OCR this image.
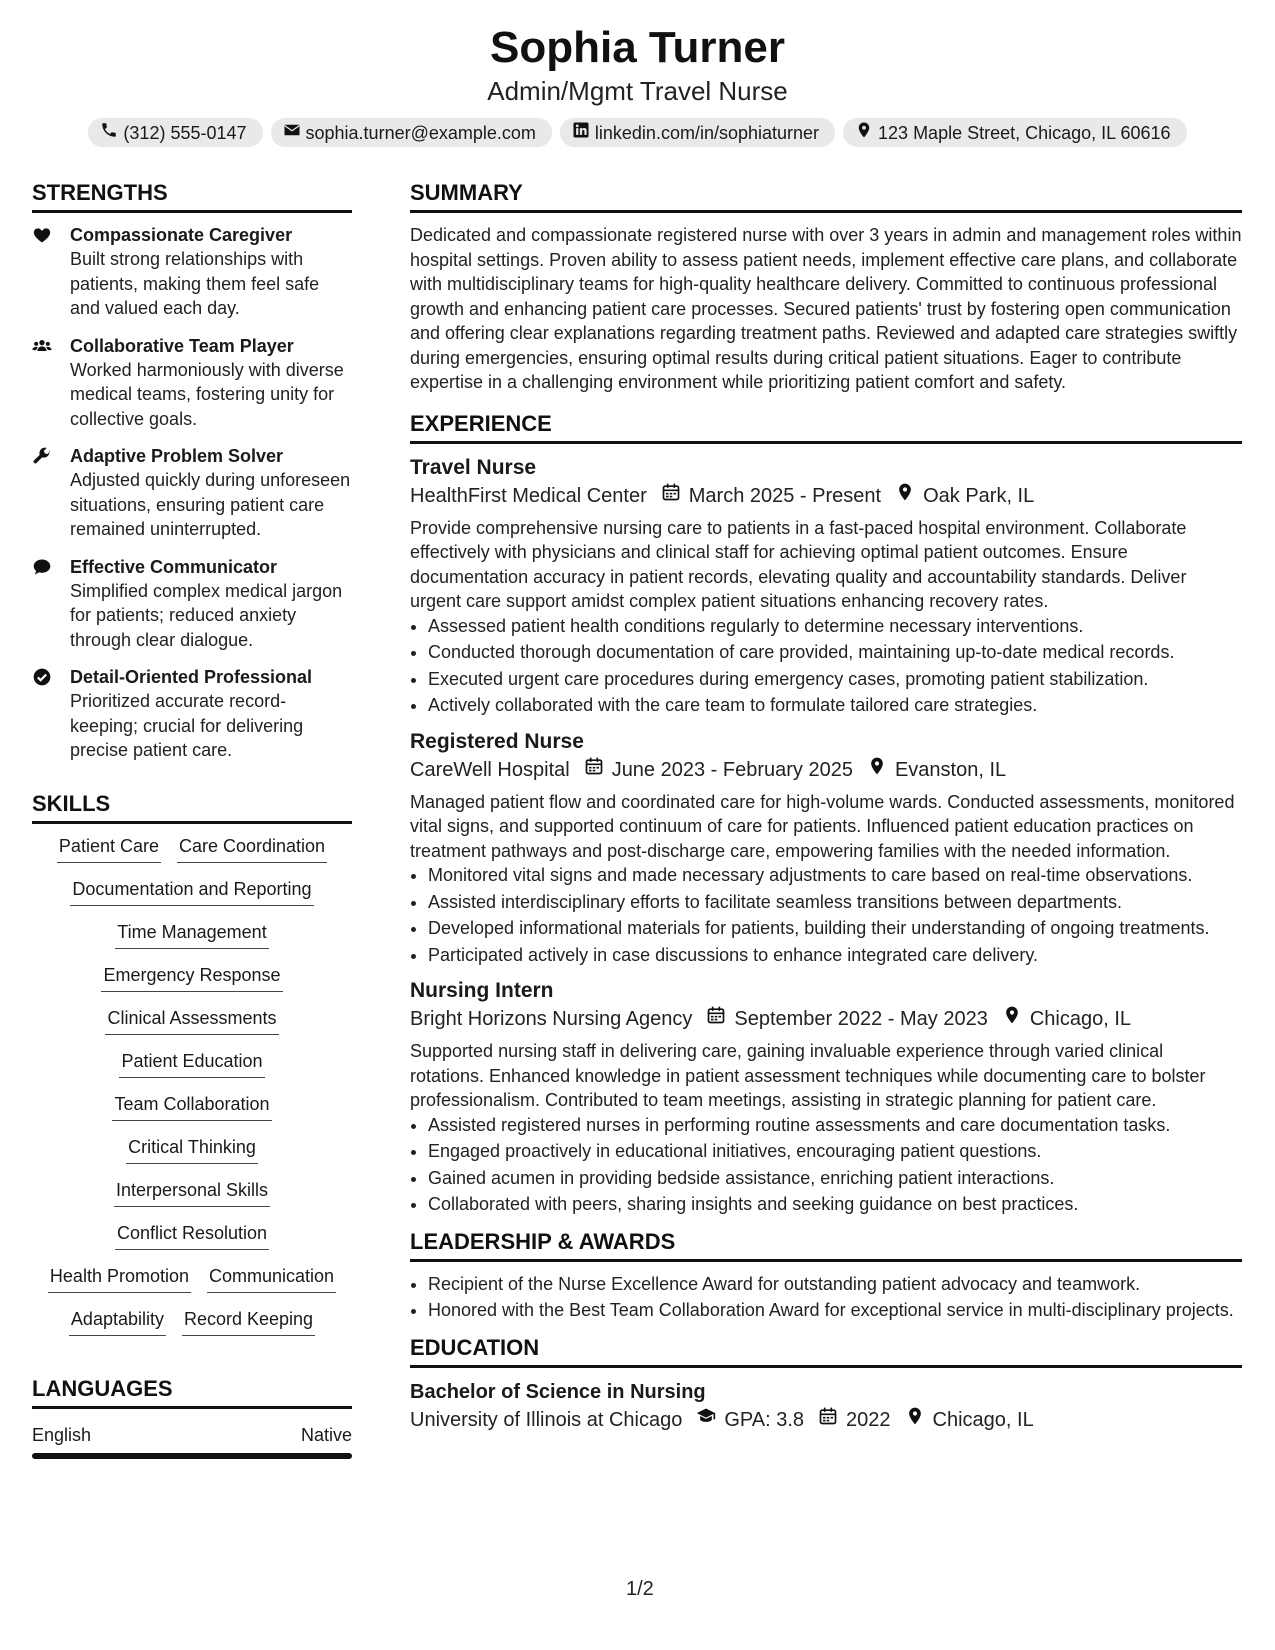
Sophia Turner
Admin/Mgmt Travel Nurse
(312) 555-0147	sophia.turner@example.com	linkedin.com/in/sophiaturner	123 Maple Street, Chicago, IL 60616
STRENGTHS
Compassionate Caregiver
Built strong relationships with patients, making them feel safe and valued each day.
Collaborative Team Player
Worked harmoniously with diverse medical teams, fostering unity for collective goals.
Adaptive Problem Solver
Adjusted quickly during unforeseen situations, ensuring patient care remained uninterrupted.
Effective Communicator
Simplified complex medical jargon for patients; reduced anxiety through clear dialogue.
Detail-Oriented Professional
Prioritized accurate record-keeping; crucial for delivering precise patient care.
SKILLS
Patient Care Care Coordination
Documentation and Reporting
Time Management
Emergency Response
Clinical Assessments
Patient Education
Team Collaboration
Critical Thinking
Interpersonal Skills
Conflict Resolution
Health Promotion Communication
Adaptability Record Keeping
LANGUAGES
English	Native
SUMMARY
Dedicated and compassionate registered nurse with over 3 years in admin and management roles within hospital settings. Proven ability to assess patient needs, implement effective care plans, and collaborate with multidisciplinary teams for high-quality healthcare delivery. Committed to continuous professional growth and enhancing patient care processes. Secured patients' trust by fostering open communication and offering clear explanations regarding treatment paths. Reviewed and adapted care strategies swiftly during emergencies, ensuring optimal results during critical patient situations. Eager to contribute expertise in a challenging environment while prioritizing patient comfort and safety.
EXPERIENCE
Travel Nurse
HealthFirst Medical Center March 2025 - Present Oak Park, IL
Provide comprehensive nursing care to patients in a fast-paced hospital environment. Collaborate effectively with physicians and clinical staff for achieving optimal patient outcomes. Ensure documentation accuracy in patient records, elevating quality and accountability standards. Deliver urgent care support amidst complex patient situations enhancing recovery rates.
• Assessed patient health conditions regularly to determine necessary interventions.
• Conducted thorough documentation of care provided, maintaining up-to-date medical records.
• Executed urgent care procedures during emergency cases, promoting patient stabilization.
• Actively collaborated with the care team to formulate tailored care strategies.
Registered Nurse
CareWell Hospital June 2023 - February 2025 Evanston, IL
Managed patient flow and coordinated care for high-volume wards. Conducted assessments, monitored vital signs, and supported continuum of care for patients. Influenced patient education practices on treatment pathways and post-discharge care, empowering families with the needed information.
• Monitored vital signs and made necessary adjustments to care based on real-time observations.
• Assisted interdisciplinary efforts to facilitate seamless transitions between departments.
• Developed informational materials for patients, building their understanding of ongoing treatments.
• Participated actively in case discussions to enhance integrated care delivery.
Nursing Intern
Bright Horizons Nursing Agency September 2022 - May 2023 Chicago, IL
Supported nursing staff in delivering care, gaining invaluable experience through varied clinical rotations. Enhanced knowledge in patient assessment techniques while documenting care to bolster professionalism. Contributed to team meetings, assisting in strategic planning for patient care.
• Assisted registered nurses in performing routine assessments and care documentation tasks.
• Engaged proactively in educational initiatives, encouraging patient questions.
• Gained acumen in providing bedside assistance, enriching patient interactions.
• Collaborated with peers, sharing insights and seeking guidance on best practices.
LEADERSHIP & AWARDS
• Recipient of the Nurse Excellence Award for outstanding patient advocacy and teamwork.
• Honored with the Best Team Collaboration Award for exceptional service in multi-disciplinary projects.
EDUCATION
Bachelor of Science in Nursing
University of Illinois at Chicago GPA: 3.8 2022 Chicago, IL
1/2
